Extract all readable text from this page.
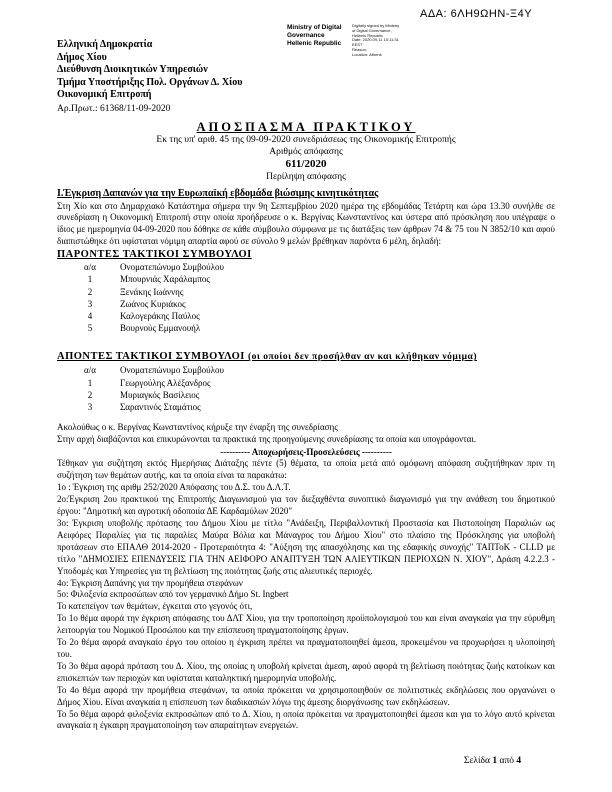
ΑΔΑ: 6ΛΗ9ΩΗΝ-Ξ4Υ
Ministry of Digital
Governance
Hellenic Republic
Digitally signed by Ministry
of Digital Governance,
Hellenic Republic
Date: 2020.09.11 10:11:31
EEST
Reason:
Location: Athens
Ελληνική Δημοκρατία
Δήμος Χίου
Διεύθυνση Διοικητικών Υπηρεσιών
Τμήμα Υποστήριξης Πολ. Οργάνων Δ. Χίου
Οικονομική Επιτροπή
Αρ.Πρωτ.: 61368/11-09-2020
ΑΠΟΣΠΑΣΜΑ ΠΡΑΚΤΙΚΟΥ
Εκ της υπ' αριθ. 45 της 09-09-2020 συνεδριάσεως της Οικονομικής Επιτροπής
Αριθμός απόφασης
611/2020
Περίληψη απόφασης
Ι.Έγκριση Δαπανών για την Ευρωπαϊκή εβδομάδα βιώσιμης κινητικότητας

Στη Χίο και στο Δημαρχιακό Κατάστημα σήμερα την 9η Σεπτεμβρίου 2020 ημέρα της εβδομάδας Τετάρτη και ώρα 13.30 συνήλθε σε συνεδρίαση η Οικονομική Επιτροπή στην οποία προήδρευσε ο κ. Βεργίνας Κωνσταντίνος και ύστερα από πρόσκληση που υπέγραψε ο ίδιος με ημερομηνία 04-09-2020 που δόθηκε σε κάθε σύμβουλο σύμφωνα με τις διατάξεις των άρθρων 74 & 75 του Ν 3852/10 και αφού διαπιστώθηκε ότι υφίσταται νόμιμη απαρτία αφού σε σύνολο 9 μελών βρέθηκαν παρόντα 6 μέλη, δηλαδή:

ΠΑΡΟΝΤΕΣ ΤΑΚΤΙΚΟΙ ΣΥΜΒΟΥΛΟΙ
α/α	Ονοματεπώνυμο Συμβούλου
1	Μπουρνιάς Χαράλαμπος
2	Ξενάκης Ιωάννης
3	Ζωάνος Κυριάκος
4	Καλογεράκης Παύλος
5	Βουρνούς Εμμανουήλ
ΑΠΟΝΤΕΣ ΤΑΚΤΙΚΟΙ ΣΥΜΒΟΥΛΟΙ (οι οποίοι δεν προσήλθαν αν και κλήθηκαν νόμιμα)
α/α	Ονοματεπώνυμο Συμβούλου
1	Γεωργούλης Αλέξανδρος
2	Μυριαγκός Βασίλειος
3	Σαραντινός Σταμάτιος

Ακολούθως ο κ. Βεργίνας Κωνσταντίνος κήρυξε την έναρξη της συνεδρίασης

Στην αρχή διαβάζονται και επικυρώνονται τα πρακτικά της προηγούμενης συνεδρίασης τα οποία και υπογράφονται.

---------- Αποχωρήσεις-Προσελεύσεις ----------

Τέθηκαν για συζήτηση εκτός Ημερήσιας Διάταξης πέντε (5) θέματα, τα οποία μετά από ομόφωνη απόφαση συζητήθηκαν πριν τη συζήτηση των θεμάτων αυτής, και τα οποία είναι τα παρακάτω:

1ο : Έγκριση της αριθμ 252/2020 Απόφασης του Δ.Σ. του Δ.Λ.Τ.

2ο:Έγκριση 2ου πρακτικού της Επιτροπής Διαγωνισμού για τον διεξαχθέντα συνοπτικό διαγωνισμό για την ανάθεση του δημοτικού έργου: "Δημοτική και αγροτική οδοποιία ΔΕ Καρδαμύλων 2020"

3ο: Έγκριση υποβολής πρότασης του Δήμου Χίου με τίτλο "Ανάδειξη, Περιβαλλοντική Προστασία και Πιστοποίηση Παραλιών ως Αειφόρες Παραλίες για τις παραλίες Μαύρα Βόλια και Μάναγρος του Δήμου Χίου" στο πλαίσιο της Πρόσκλησης για υποβολή προτάσεων στο ΕΠΑΛΘ 2014-2020 - Προτεραιότητα 4: "Αύξηση της απασχόλησης και της εδαφικής συνοχής" ΤΑΠΤοΚ - CLLD με τίτλο "ΔΗΜΟΣΙΕΣ ΕΠΕΝΔΥΣΕΙΣ ΓΙΑ ΤΗΝ ΑΕΙΦΟΡΟ ΑΝΑΠΤΥΞΗ ΤΩΝ ΑΛΙΕΥΤΙΚΩΝ ΠΕΡΙΟΧΩΝ Ν. ΧΙΟΥ", Δράση 4.2.2.3 - Υποδομές και Υπηρεσίες για τη βελτίωση της ποιότητας ζωής στις αλιευτικές περιοχές.

4ο: Έγκριση Δαπάνης για την προμήθεια στεφάνων

5ο: Φιλοξενία εκπροσώπων από τον γερμανικό Δήμο St. Ingbert

Το κατεπείγον των θεμάτων, έγκειται στο γεγονός ότι,

Το 1ο θέμα αφορά την έγκριση απόφασης του ΔΛΤ Χίου, για την τροποποίηση προϋπολογισμού του και είναι αναγκαία για την εύρυθμη λειτουργία του Νομικού Προσώπου και την επίσπευση πραγματοποίησης έργων.

Το 2ο θέμα αφορά αναγκαίο έργο του οποίου η έγκριση πρέπει να πραγματοποιηθεί άμεσα, προκειμένου να προχωρήσει η υλοποίησή του.

Το 3ο θέμα αφορά πρόταση του Δ. Χίου, της οποίας η υποβολή κρίνεται άμεση, αφού αφορά τη βελτίωση ποιότητας ζωής κατοίκων και επισκεπτών των περιοχών και υφίσταται καταληκτική ημερομηνία υποβολής.

Το 4ο θέμα αφορά την προμήθεια στεφάνων, τα οποία πρόκειται να χρησιμοποιηθούν σε πολιτιστικές εκδηλώσεις που οργανώνει ο Δήμος Χίου. Είναι αναγκαία η επίσπευση των διαδικασιών λόγω της άμεσης διοργάνωσης των εκδηλώσεων.

Το 5ο θέμα αφορά φιλοξενία εκπροσώπων από το Δ. Χίου, η οποία πρόκειται να πραγματοποιηθεί άμεσα και για το λόγο αυτό κρίνεται αναγκαία η έγκαιρη πραγματοποίηση των απαραίτητων ενεργειών.

Σελίδα 1 από 4
